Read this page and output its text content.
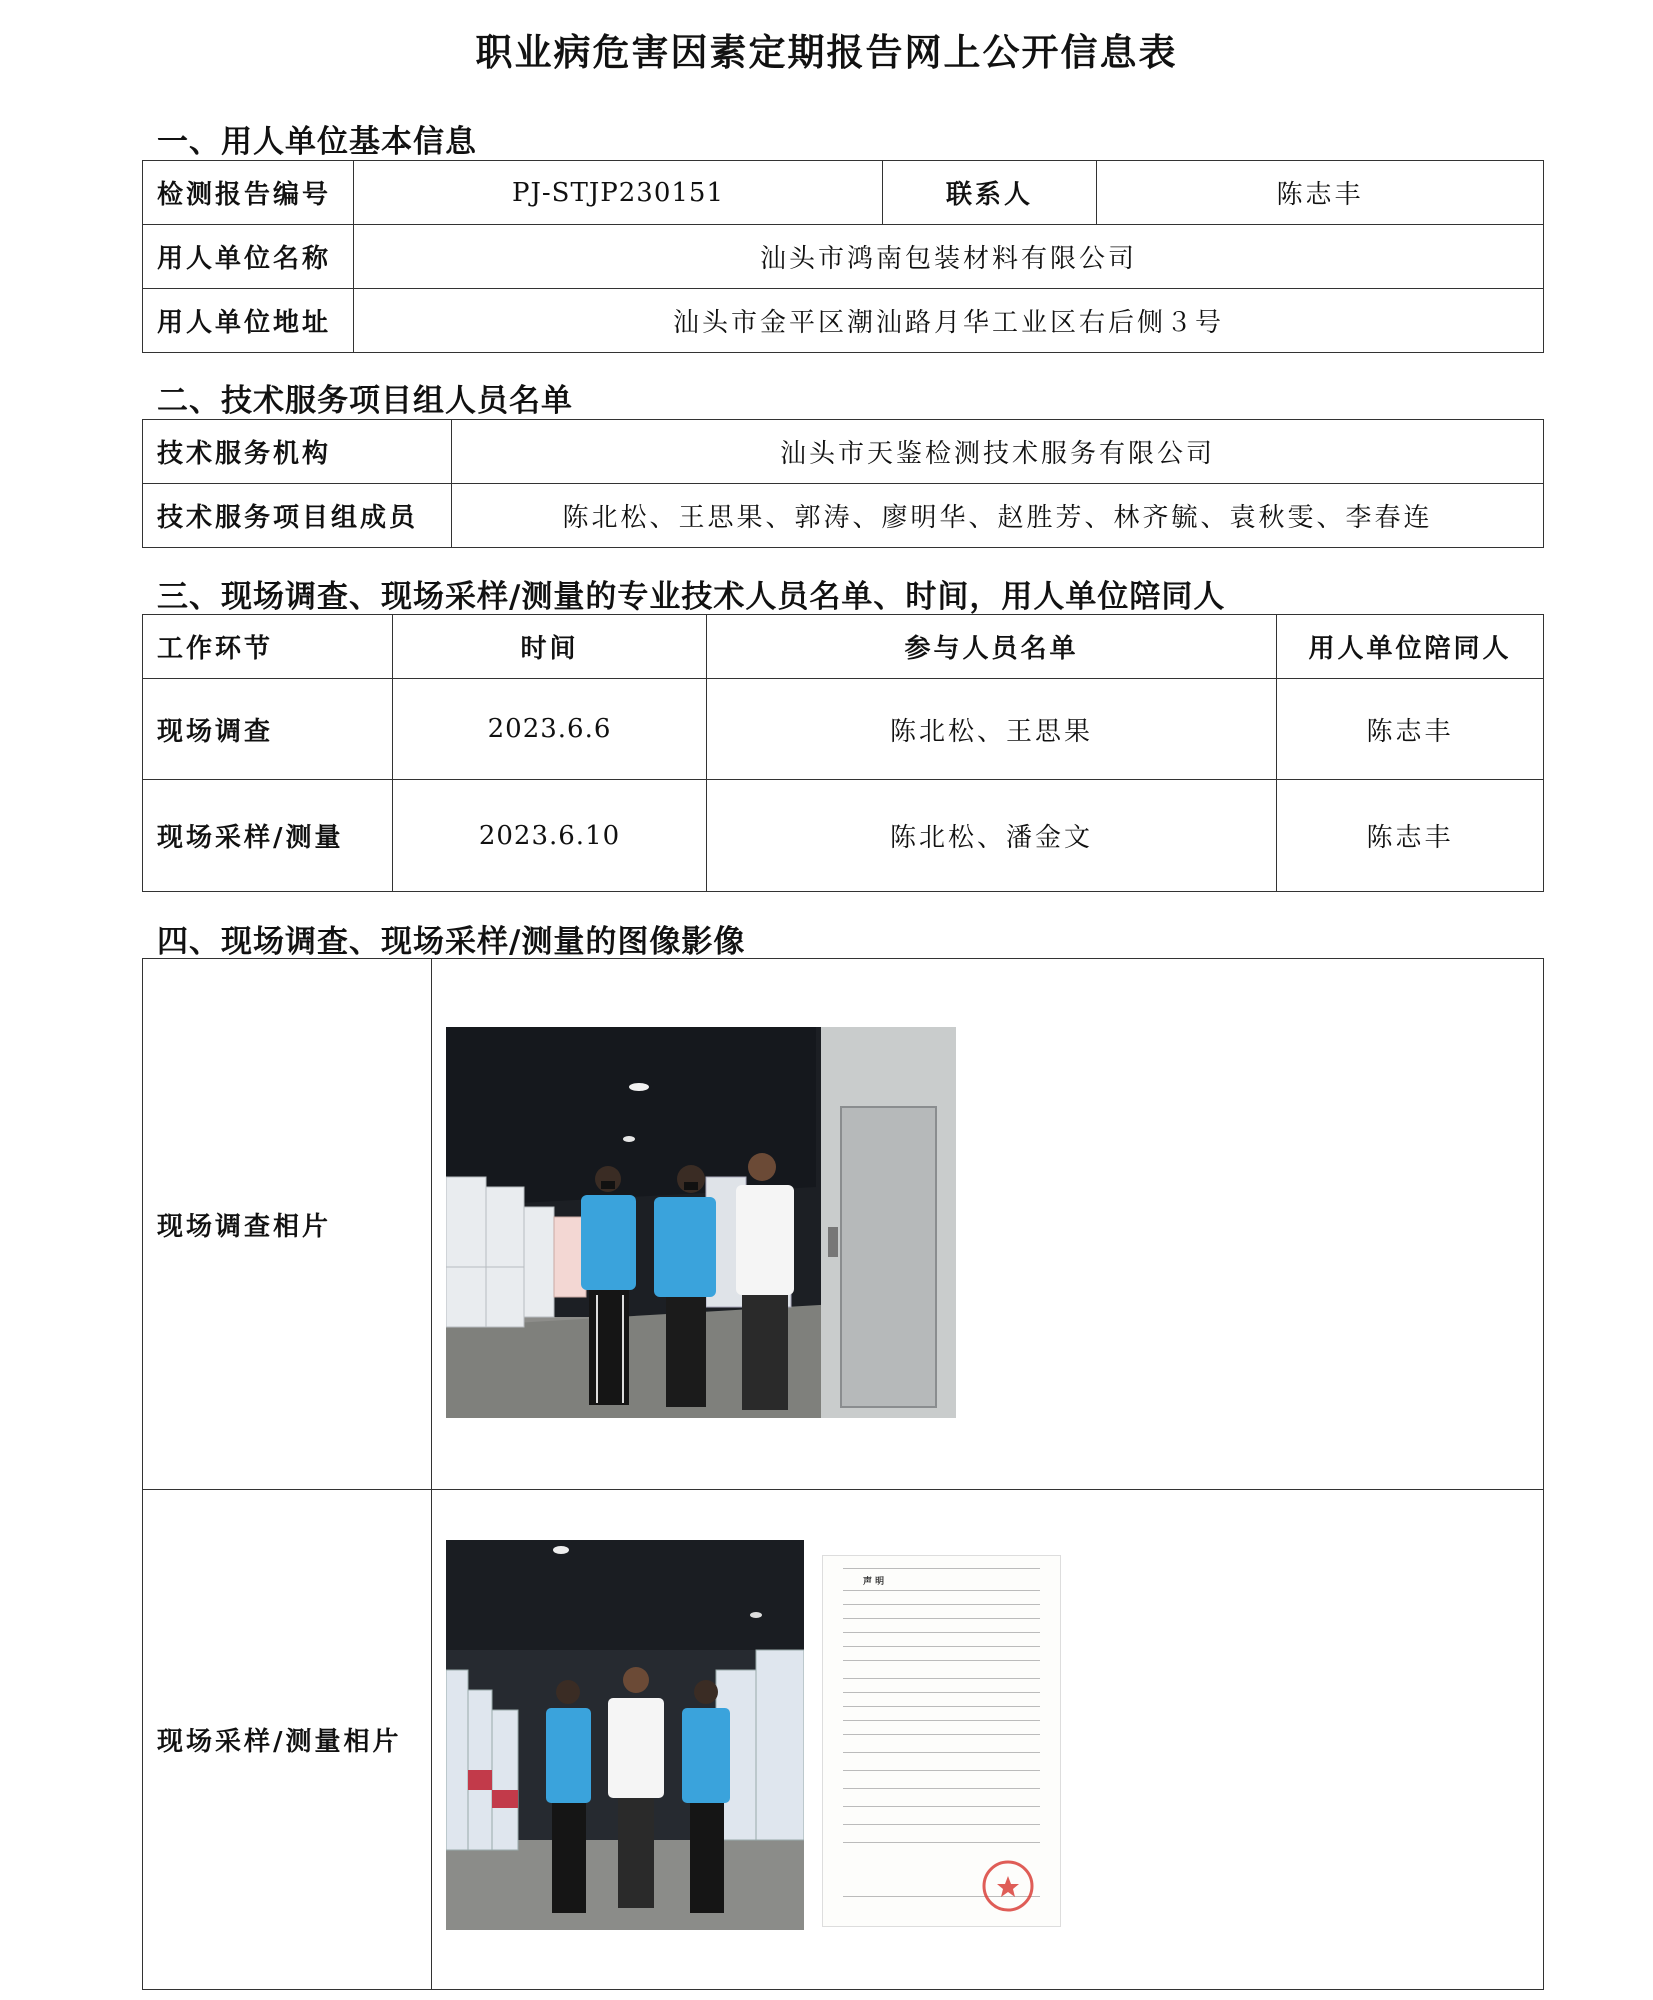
职业病危害因素定期报告网上公开信息表
一、用人单位基本信息
检测报告编号	PJ-STJP230151	联系人	陈志丰
用人单位名称	汕头市鸿南包装材料有限公司		
用人单位地址	汕头市金平区潮汕路月华工业区右后侧３号		
二、技术服务项目组人员名单
技术服务机构	汕头市天鉴检测技术服务有限公司
技术服务项目组成员	陈北松、王思果、郭涛、廖明华、赵胜芳、林齐毓、袁秋雯、李春连
三、现场调查、现场采样/测量的专业技术人员名单、时间，用人单位陪同人
工作环节	时间	参与人员名单	用人单位陪同人
现场调查	2023.6.6	陈北松、王思果	陈志丰
现场采样/测量	2023.6.10	陈北松、潘金文	陈志丰
四、现场调查、现场采样/测量的图像影像
现场调查相片	
现场采样/测量相片	
声 明
